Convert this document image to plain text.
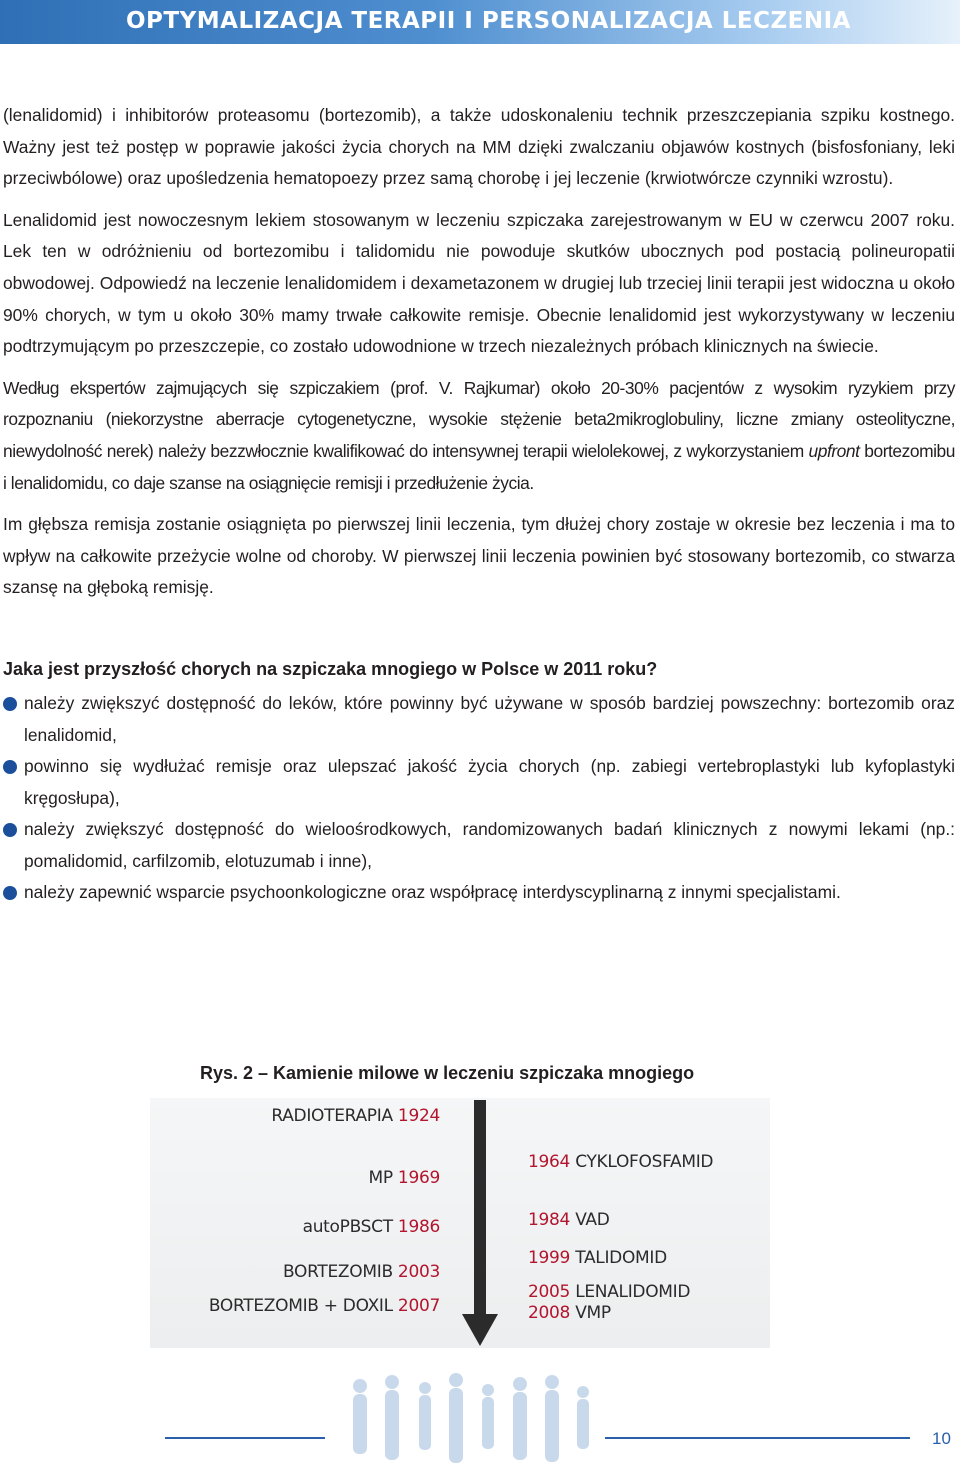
OPTYMALIZACJA TERAPII I PERSONALIZACJA LECZENIA

(lenalidomid) i inhibitorów proteasomu (bortezomib), a także udoskonaleniu technik przeszczepiania szpiku kostnego. Ważny jest też postęp w poprawie jakości życia chorych na MM dzięki zwalczaniu objawów kostnych (bisfosfoniany, leki przeciwbólowe) oraz upośledzenia hematopoezy przez samą chorobę i jej leczenie (krwiotwórcze czynniki wzrostu).

Lenalidomid jest nowoczesnym lekiem stosowanym w leczeniu szpiczaka zarejestrowanym w EU w czerwcu 2007 roku. Lek ten w odróżnieniu od bortezomibu i talidomidu nie powoduje skutków ubocznych pod postacią polineuropatii obwodowej. Odpowiedź na leczenie lenalidomidem i dexametazonem w drugiej lub trzeciej linii terapii jest widoczna u około 90% chorych, w tym u około 30% mamy trwałe całkowite remisje. Obecnie lenalidomid jest wykorzystywany w leczeniu podtrzymującym po przeszczepie, co zostało udowodnione w trzech niezależnych próbach klinicznych na świecie.

Według ekspertów zajmujących się szpiczakiem (prof. V. Rajkumar) około 20-30% pacjentów z wysokim ryzykiem przy rozpoznaniu (niekorzystne aberracje cytogenetyczne, wysokie stężenie beta2mikroglobuliny, liczne zmiany osteolityczne, niewydolność nerek) należy bezzwłocznie kwalifikować do intensywnej terapii wielolekowej, z wykorzystaniem upfront bortezomibu i lenalidomidu, co daje szanse na osiągnięcie remisji i przedłużenie życia.

Im głębsza remisja zostanie osiągnięta po pierwszej linii leczenia, tym dłużej chory zostaje w okresie bez leczenia i ma to wpływ na całkowite przeżycie wolne od choroby. W pierwszej linii leczenia powinien być stosowany bortezomib, co stwarza szansę na głęboką remisję.

Jaka jest przyszłość chorych na szpiczaka mnogiego w Polsce w 2011 roku?
należy zwiększyć dostępność do leków, które powinny być używane w sposób bardziej powszechny: bortezomib oraz lenalidomid,
powinno się wydłużać remisje oraz ulepszać jakość życia chorych (np. zabiegi vertebroplastyki lub kyfoplastyki kręgosłupa),
należy zwiększyć dostępność do wieloośrodkowych, randomizowanych badań klinicznych z nowymi lekami (np.: pomalidomid, carfilzomib, elotuzumab i inne),
należy zapewnić wsparcie psychoonkologiczne oraz współpracę interdyscyplinarną z innymi specjalistami.
Rys. 2 – Kamienie milowe w leczeniu szpiczaka mnogiego
RADIOTERAPIA 1924
MP 1969
autoPBSCT 1986
BORTEZOMIB 2003
BORTEZOMIB + DOXIL 2007
1964 CYKLOFOSFAMID
1984 VAD
1999 TALIDOMID
2005 LENALIDOMID
2008 VMP
10
